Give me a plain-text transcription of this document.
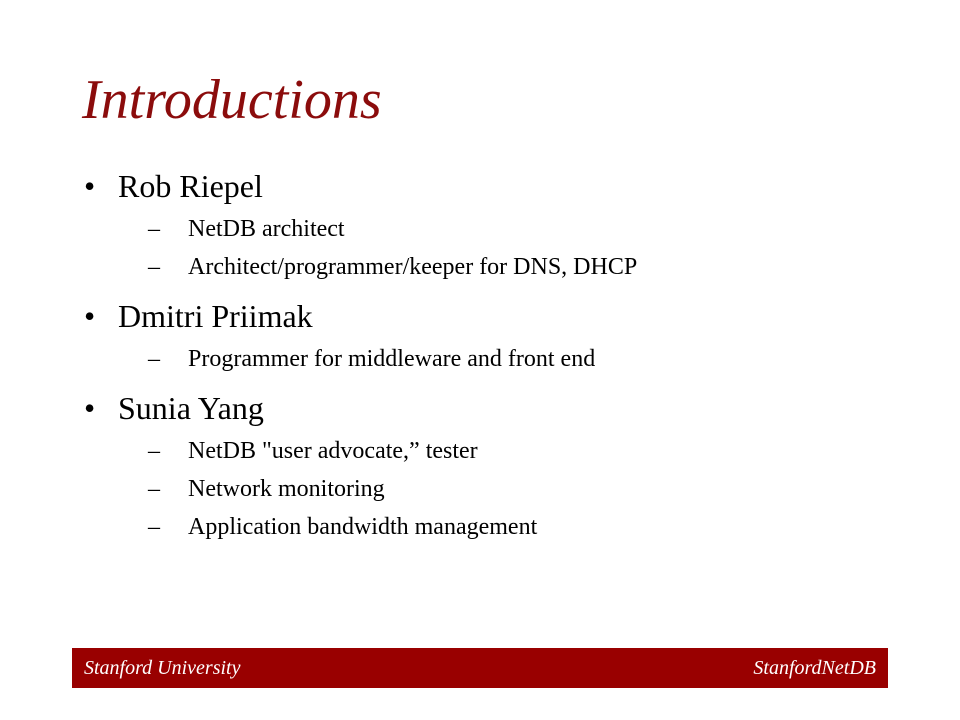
Introductions
• Rob Riepel
– NetDB architect
– Architect/programmer/keeper for DNS, DHCP
• Dmitri Priimak
– Programmer for middleware and front end
• Sunia Yang
– NetDB "user advocate,” tester
– Network monitoring
– Application bandwidth management
Stanford University	StanfordNetDB
